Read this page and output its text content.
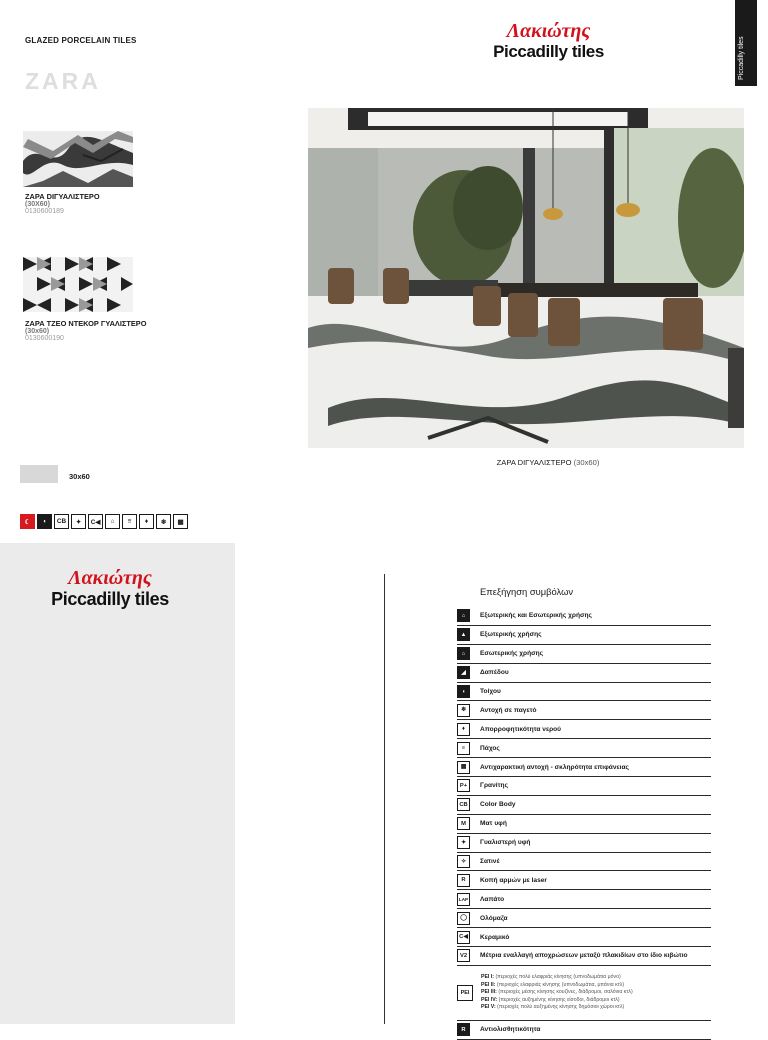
GLAZED PORCELAIN TILES
ZARA
Λακιώτης
Piccadilly tiles	Piccadilly tiles
ΖΑΡΑ DΙΓΥΑΛΙΣΤΕΡΟ
(30Χ60)
0130600189
ΖΑΡΑ ΤΖΕΟ ΝΤΕΚΟΡ ΓΥΑΛΙΣΤΕΡΟ
(30x60)
0130600190
ΖΑΡΑ DΙΓΥΑΛΙΣΤΕΡΟ (30x60)
30x60
☾	◖	CB	✦	C◀	⌂	≡	♦	❄	▦
Λακιώτης
Piccadilly tiles	Επεξήγηση συμβόλων
⌂	Εξωτερικής και Εσωτερικής χρήσης
▲	Εξωτερικής χρήσης
⌂	Εσωτερικής χρήσης
◢	Δαπέδου
◖	Τοίχου
❄	Αντοχή σε παγετό
♦	Απορροφητικότητα νερού
≡	Πάχος
▦	Αντιχαρακτική αντοχή - σκληρότητα επιφάνειας
P+	Γρανίτης
CB	Color Body
M	Ματ υφή
✦	Γυαλιστερή υφή
✧	Σατινέ
R	Κοπή αρμών με laser
LAP Λαπάτο
◯	Ολόμαζα
C◀	Κεραμικό
V2	Μέτρια εναλλαγή αποχρώσεων μεταξύ πλακιδίων στο ίδιο κιβώτιο
PEI
PEI I: (περιοχές πολύ ελαφριάς κίνησης (υπνοδωμάτια μόνο)
PEI II: (περιοχές ελαφριάς κίνησης (υπνοδωμάτια, μπάνια κτλ)
PEI III: (περιοχές μέσης κίνησης κουζίνες, διάδρομοι, σαλόνια κτλ)
PEI IV: (περιοχές αυξημένης κίνησης είσοδοι, διάδρομοι κτλ)
PEI V: (περιοχές πολύ αυξημένης κίνησης δημόσιοι χώροι κτλ)
R	Αντιολισθητικότητα
